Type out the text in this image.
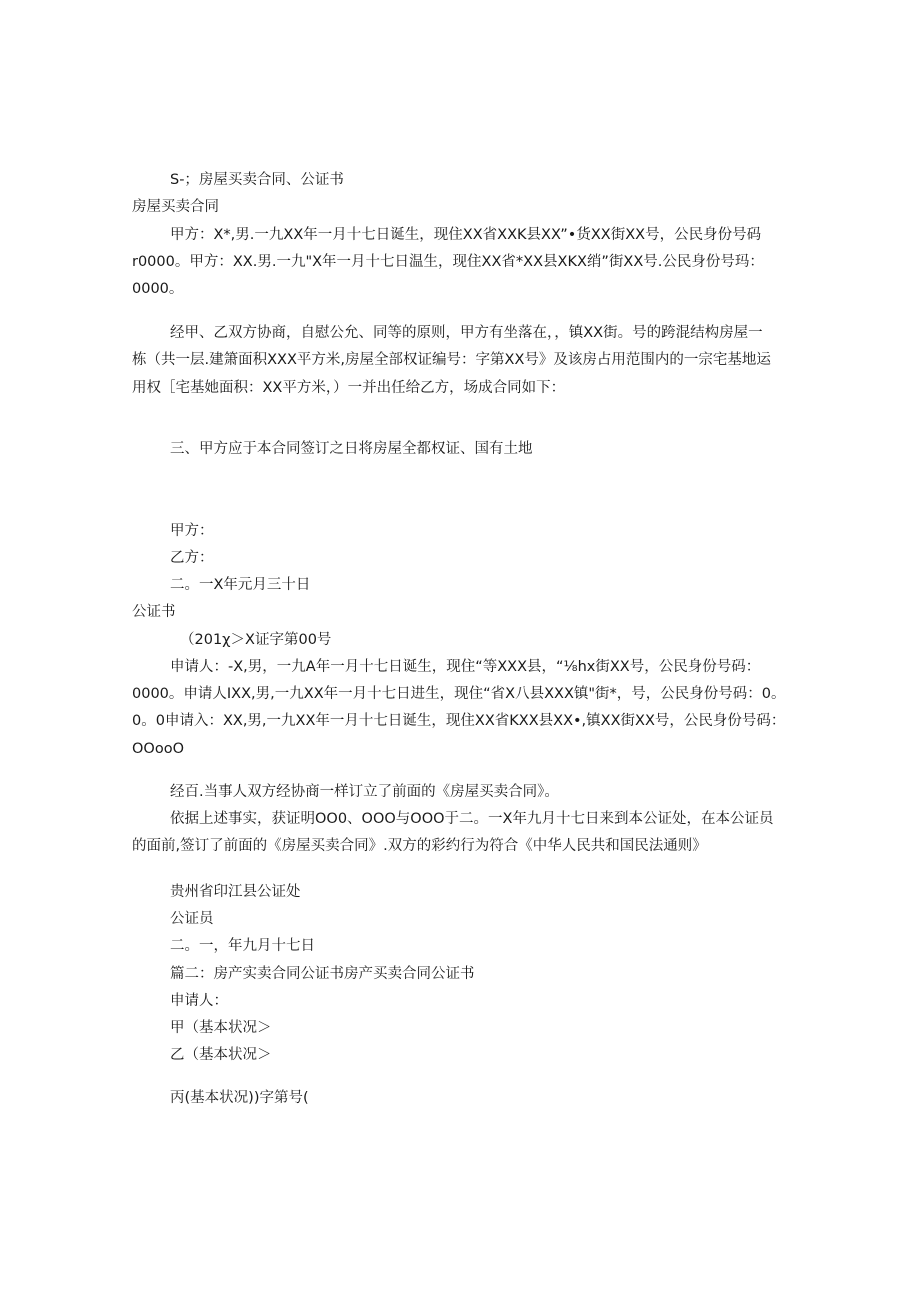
S-；房屋买卖合同、公证书

房屋买卖合同

甲方：X*,男.一九XX年一月十七日诞生，现住XX省XXK县XX”•货XX街XX号，公民身份号码

r0000。甲方：XX.男.一九"X年一月十七日温生，现住XX省*XX县XKX绡”街XX号.公民身份号玛：

0000。

经甲、乙双方协商，自慰公允、同等的原则，甲方有坐落在，，镇XX街。号的跨混结构房屋一

栋（共一层.建箫面积XXX平方米,房屋全部权证编号：字第XX号》及该房占用范围内的一宗宅基地运

用权［宅基她面积：XX平方米，）一并出任给乙方，场成合同如下：

三、甲方应于本合同签订之日将房屋全都权证、国有土地

甲方：

乙方：

二。一X年元月三十日

公证书

（201χ＞X证字第00号

申请人：-X,男，一九A年一月十七日诞生，现住“等XXX县，“⅛hx街XX号，公民身份号码：

0000。申请人IXX,男,一九XX年一月十七日进生，现住“省X八县XXX镇"街*，号，公民身份号码：0。

0。0申请入：XX,男,一九XX年一月十七日诞生，现住XX省KXX县XX•,镇XX街XX号，公民身份号码：

OOooO

经百.当事人双方经协商一样订立了前面的《房屋买卖合同》。

依据上述事实，获证明OO0、OOO与OOO于二。一X年九月十七日来到本公证处，在本公证员

的面前,签订了前面的《房屋买卖合同》.双方的彩约行为符合《中华人民共和国民法通则》

贵州省印江县公证处

公证员

二。一，年九月十七日

篇二：房产实卖合同公证书房产买卖合同公证书

申请人：

甲（基本状况＞

乙（基本状况＞

丙(基本状况))字第号(
